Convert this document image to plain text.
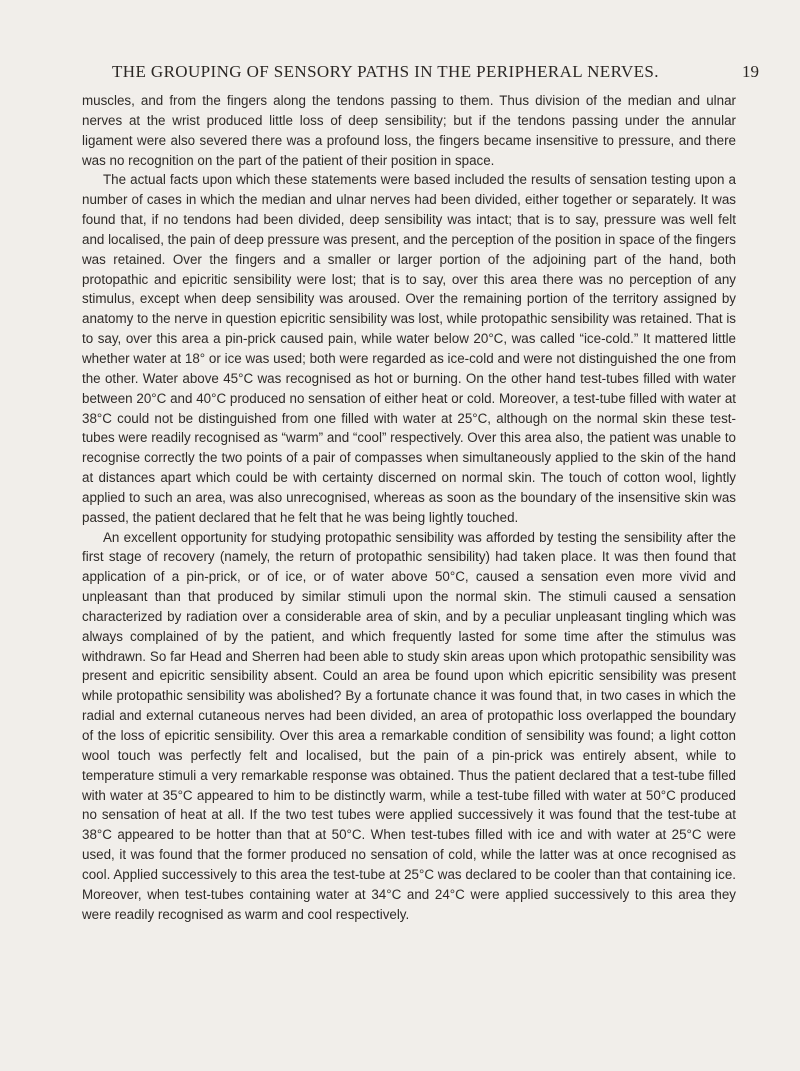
THE GROUPING OF SENSORY PATHS IN THE PERIPHERAL NERVES.	19

muscles, and from the fingers along the tendons passing to them. Thus division of the median and ulnar nerves at the wrist produced little loss of deep sensibility; but if the tendons passing under the annular ligament were also severed there was a profound loss, the fingers became insensitive to pressure, and there was no recognition on the part of the patient of their position in space.

The actual facts upon which these statements were based included the results of sensation testing upon a number of cases in which the median and ulnar nerves had been divided, either together or separately. It was found that, if no tendons had been divided, deep sensibility was intact; that is to say, pressure was well felt and localised, the pain of deep pressure was present, and the perception of the position in space of the fingers was retained. Over the fingers and a smaller or larger portion of the adjoining part of the hand, both protopathic and epicritic sensibility were lost; that is to say, over this area there was no perception of any stimulus, except when deep sensibility was aroused. Over the remaining portion of the territory assigned by anatomy to the nerve in question epicritic sensibility was lost, while protopathic sensibility was retained. That is to say, over this area a pin-prick caused pain, while water below 20°C, was called “ice-cold.” It mattered little whether water at 18° or ice was used; both were regarded as ice-cold and were not distinguished the one from the other. Water above 45°C was recognised as hot or burning. On the other hand test-tubes filled with water between 20°C and 40°C produced no sensation of either heat or cold. Moreover, a test-tube filled with water at 38°C could not be distinguished from one filled with water at 25°C, although on the normal skin these test-tubes were readily recognised as “warm” and “cool” respectively. Over this area also, the patient was unable to recognise correctly the two points of a pair of compasses when simultaneously applied to the skin of the hand at distances apart which could be with certainty discerned on normal skin. The touch of cotton wool, lightly applied to such an area, was also unrecognised, whereas as soon as the boundary of the insensitive skin was passed, the patient declared that he felt that he was being lightly touched.

An excellent opportunity for studying protopathic sensibility was afforded by testing the sensibility after the first stage of recovery (namely, the return of protopathic sensibility) had taken place. It was then found that application of a pin-prick, or of ice, or of water above 50°C, caused a sensation even more vivid and unpleasant than that produced by similar stimuli upon the normal skin. The stimuli caused a sensation characterized by radiation over a considerable area of skin, and by a peculiar unpleasant tingling which was always complained of by the patient, and which frequently lasted for some time after the stimulus was withdrawn. So far Head and Sherren had been able to study skin areas upon which protopathic sensibility was present and epicritic sensibility absent. Could an area be found upon which epicritic sensibility was present while protopathic sensibility was abolished? By a fortunate chance it was found that, in two cases in which the radial and external cutaneous nerves had been divided, an area of protopathic loss overlapped the boundary of the loss of epicritic sensibility. Over this area a remarkable condition of sensibility was found; a light cotton wool touch was perfectly felt and localised, but the pain of a pin-prick was entirely absent, while to temperature stimuli a very remarkable response was obtained. Thus the patient declared that a test-tube filled with water at 35°C appeared to him to be distinctly warm, while a test-tube filled with water at 50°C produced no sensation of heat at all. If the two test tubes were applied successively it was found that the test-tube at 38°C appeared to be hotter than that at 50°C. When test-tubes filled with ice and with water at 25°C were used, it was found that the former produced no sensation of cold, while the latter was at once recognised as cool. Applied successively to this area the test-tube at 25°C was declared to be cooler than that containing ice. Moreover, when test-tubes containing water at 34°C and 24°C were applied successively to this area they were readily recognised as warm and cool respectively.
